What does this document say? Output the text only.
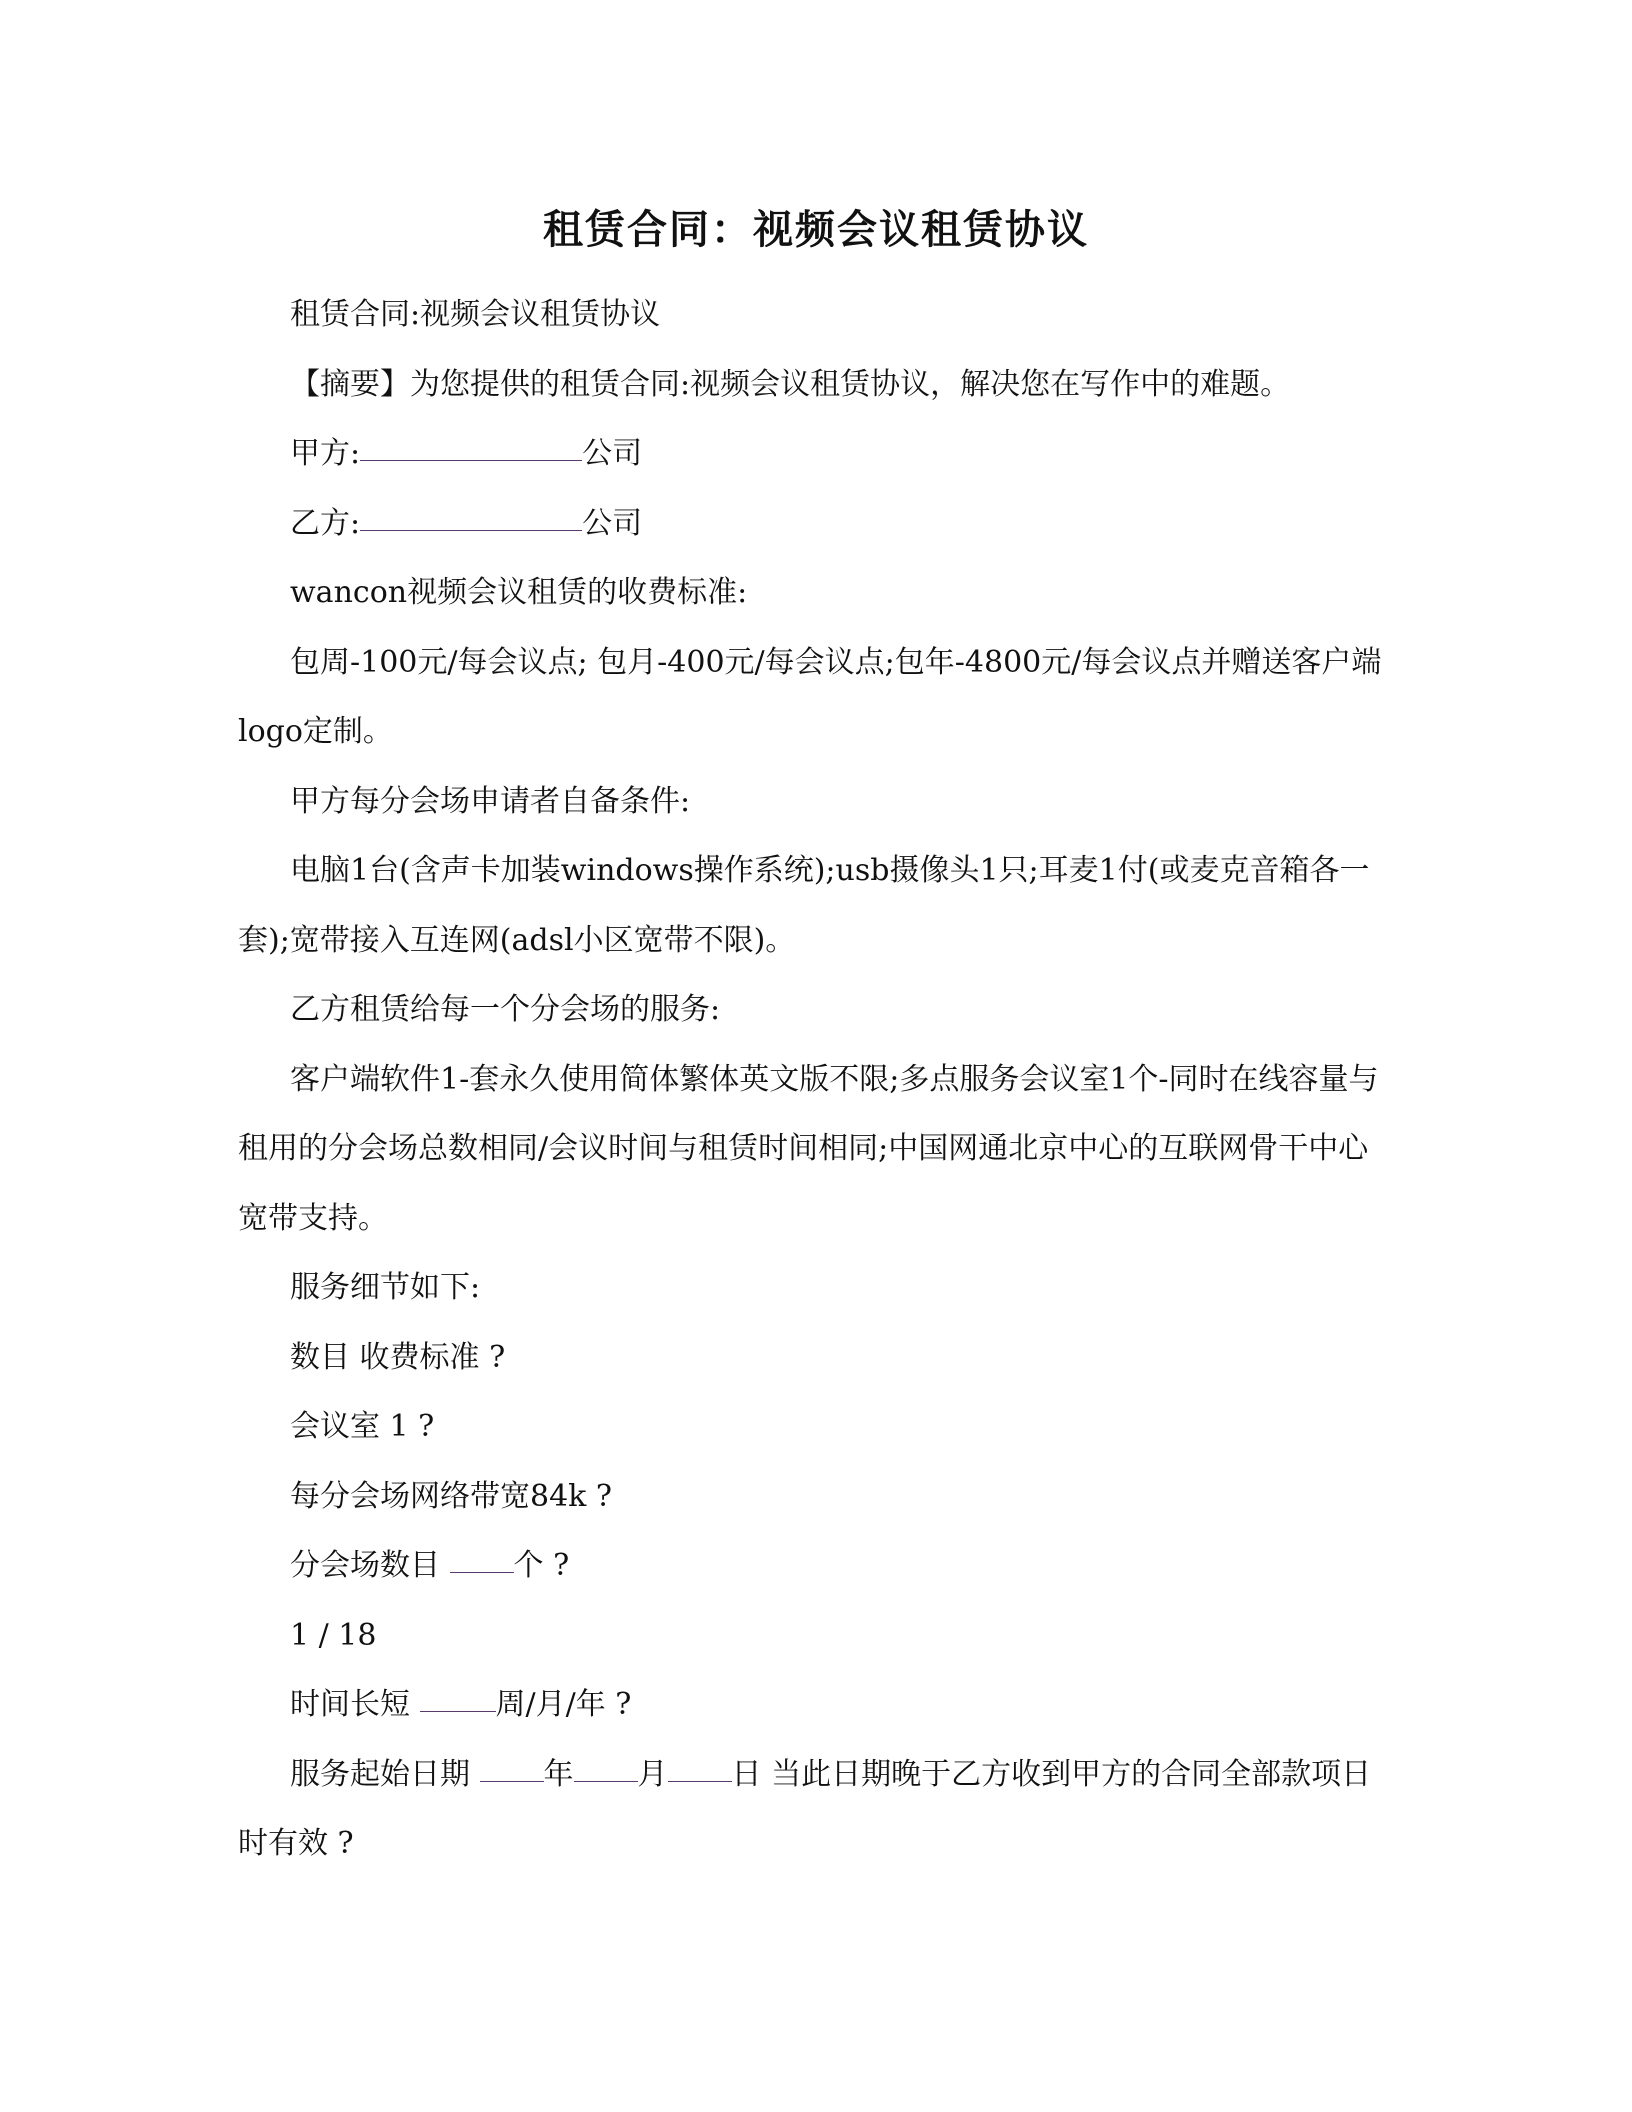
租赁合同：视频会议租赁协议

租赁合同:视频会议租赁协议

【摘要】为您提供的租赁合同:视频会议租赁协议，解决您在写作中的难题。

甲方:	公司

乙方:	公司

wancon视频会议租赁的收费标准:

包周-100元/每会议点; 包月-400元/每会议点;包年-4800元/每会议点并赠送客户端logo定制。

甲方每分会场申请者自备条件:

电脑1台(含声卡加装windows操作系统);usb摄像头1只;耳麦1付(或麦克音箱各一套);宽带接入互连网(adsl小区宽带不限)。

乙方租赁给每一个分会场的服务:

客户端软件1-套永久使用简体繁体英文版不限;多点服务会议室1个-同时在线容量与租用的分会场总数相同/会议时间与租赁时间相同;中国网通北京中心的互联网骨干中心宽带支持。

服务细节如下:

数目 收费标准 ?

会议室 1 ?

每分会场网络带宽84k ?

分会场数目 个 ?

1 / 18

时间长短	周/月/年 ?

服务起始日期 年 月 日 当此日期晚于乙方收到甲方的合同全部款项日时有效 ?
